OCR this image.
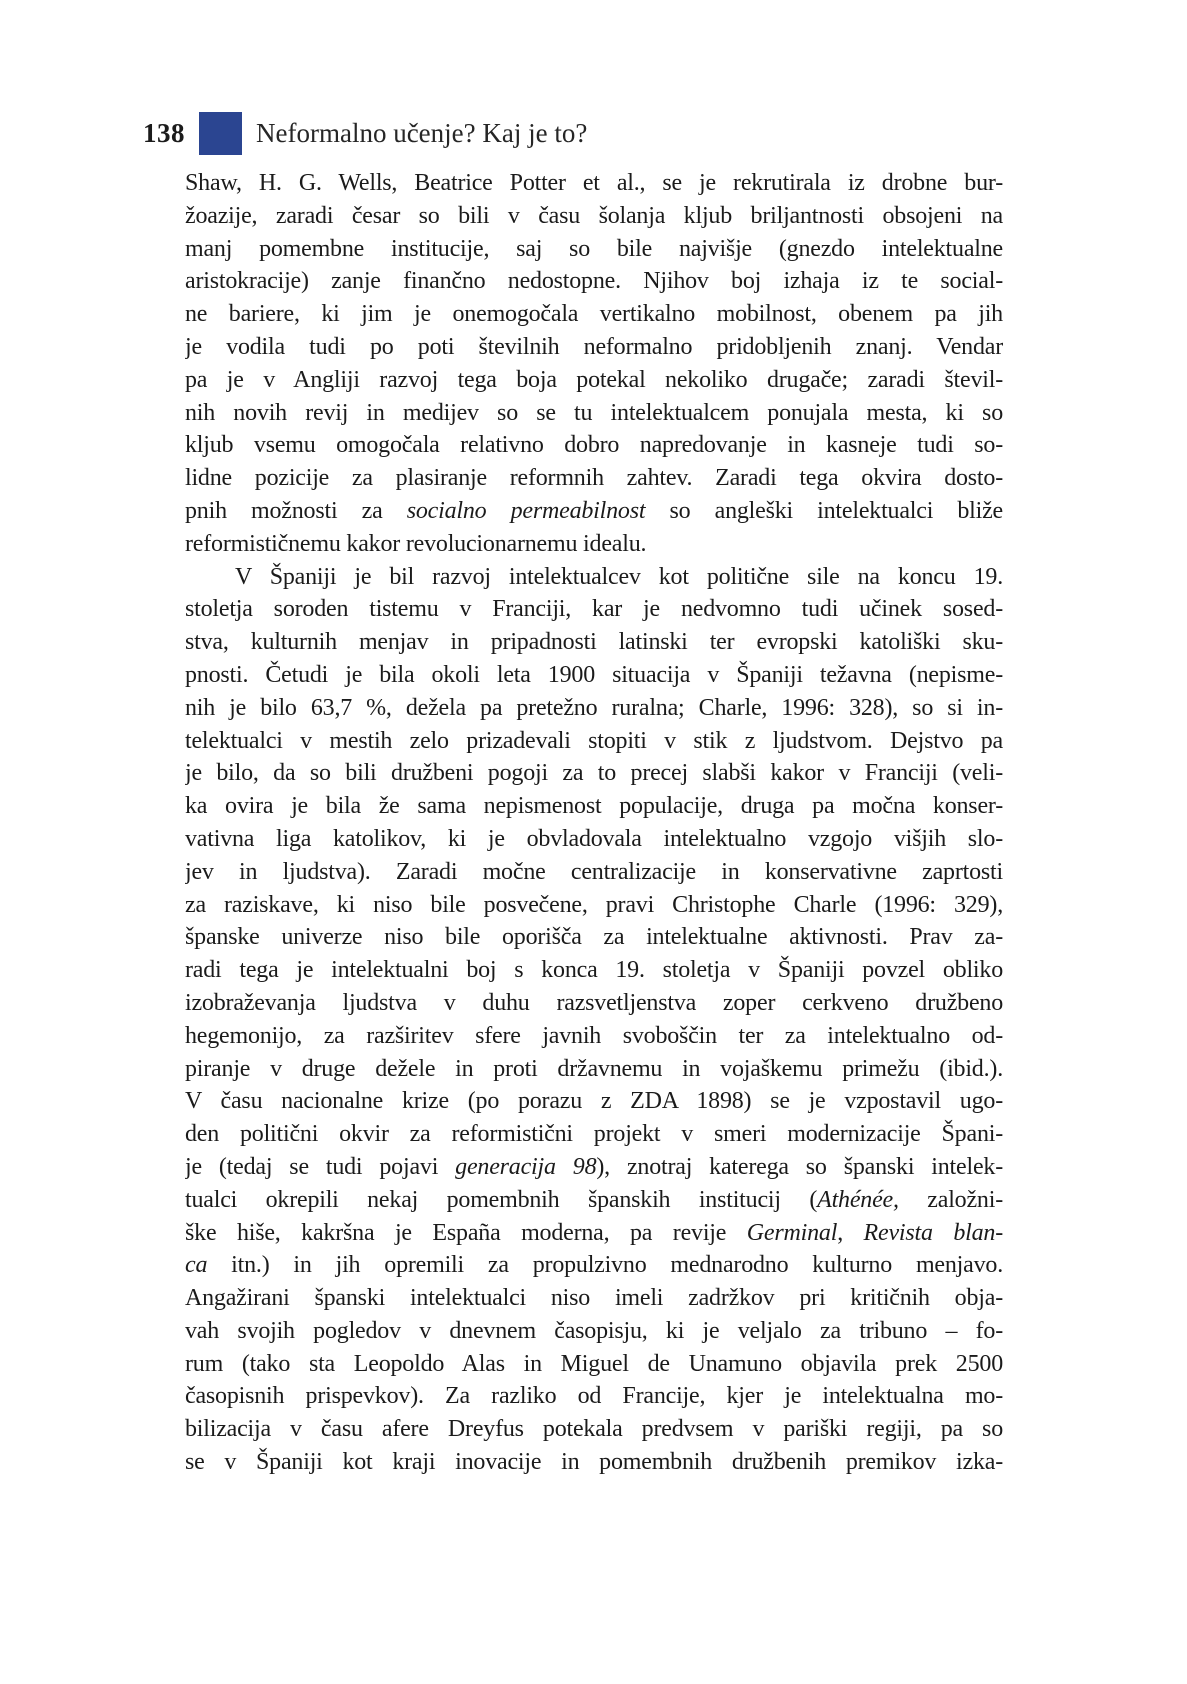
138	Neformalno učenje? Kaj je to?
Shaw, H. G. Wells, Beatrice Potter et al., se je rekrutirala iz drobne bur-
žoazije, zaradi česar so bili v času šolanja kljub briljantnosti obsojeni na
manj pomembne institucije, saj so bile najvišje (gnezdo intelektualne
aristokracije) zanje finančno nedostopne. Njihov boj izhaja iz te social-
ne bariere, ki jim je onemogočala vertikalno mobilnost, obenem pa jih
je vodila tudi po poti številnih neformalno pridobljenih znanj. Vendar
pa je v Angliji razvoj tega boja potekal nekoliko drugače; zaradi števil-
nih novih revij in medijev so se tu intelektualcem ponujala mesta, ki so
kljub vsemu omogočala relativno dobro napredovanje in kasneje tudi so-
lidne pozicije za plasiranje reformnih zahtev. Zaradi tega okvira dosto-
pnih možnosti za socialno permeabilnost so angleški intelektualci bliže
reformističnemu kakor revolucionarnemu idealu.
V Španiji je bil razvoj intelektualcev kot politične sile na koncu 19.
stoletja soroden tistemu v Franciji, kar je nedvomno tudi učinek sosed-
stva, kulturnih menjav in pripadnosti latinski ter evropski katoliški sku-
pnosti. Četudi je bila okoli leta 1900 situacija v Španiji težavna (nepisme-
nih je bilo 63,7 %, dežela pa pretežno ruralna; Charle, 1996: 328), so si in-
telektualci v mestih zelo prizadevali stopiti v stik z ljudstvom. Dejstvo pa
je bilo, da so bili družbeni pogoji za to precej slabši kakor v Franciji (veli-
ka ovira je bila že sama nepismenost populacije, druga pa močna konser-
vativna liga katolikov, ki je obvladovala intelektualno vzgojo višjih slo-
jev in ljudstva). Zaradi močne centralizacije in konservativne zaprtosti
za raziskave, ki niso bile posvečene, pravi Christophe Charle (1996: 329),
španske univerze niso bile oporišča za intelektualne aktivnosti. Prav za-
radi tega je intelektualni boj s konca 19. stoletja v Španiji povzel obliko
izobraževanja ljudstva v duhu razsvetljenstva zoper cerkveno družbeno
hegemonijo, za razširitev sfere javnih svoboščin ter za intelektualno od-
piranje v druge dežele in proti državnemu in vojaškemu primežu (ibid.).
V času nacionalne krize (po porazu z ZDA 1898) se je vzpostavil ugo-
den politični okvir za reformistični projekt v smeri modernizacije Špani-
je (tedaj se tudi pojavi generacija 98), znotraj katerega so španski intelek-
tualci okrepili nekaj pomembnih španskih institucij (Athénée, založni-
ške hiše, kakršna je España moderna, pa revije Germinal, Revista blan-
ca itn.) in jih opremili za propulzivno mednarodno kulturno menjavo.
Angažirani španski intelektualci niso imeli zadržkov pri kritičnih obja-
vah svojih pogledov v dnevnem časopisju, ki je veljalo za tribuno – fo-
rum (tako sta Leopoldo Alas in Miguel de Unamuno objavila prek 2500
časopisnih prispevkov). Za razliko od Francije, kjer je intelektualna mo-
bilizacija v času afere Dreyfus potekala predvsem v pariški regiji, pa so
se v Španiji kot kraji inovacije in pomembnih družbenih premikov izka-
